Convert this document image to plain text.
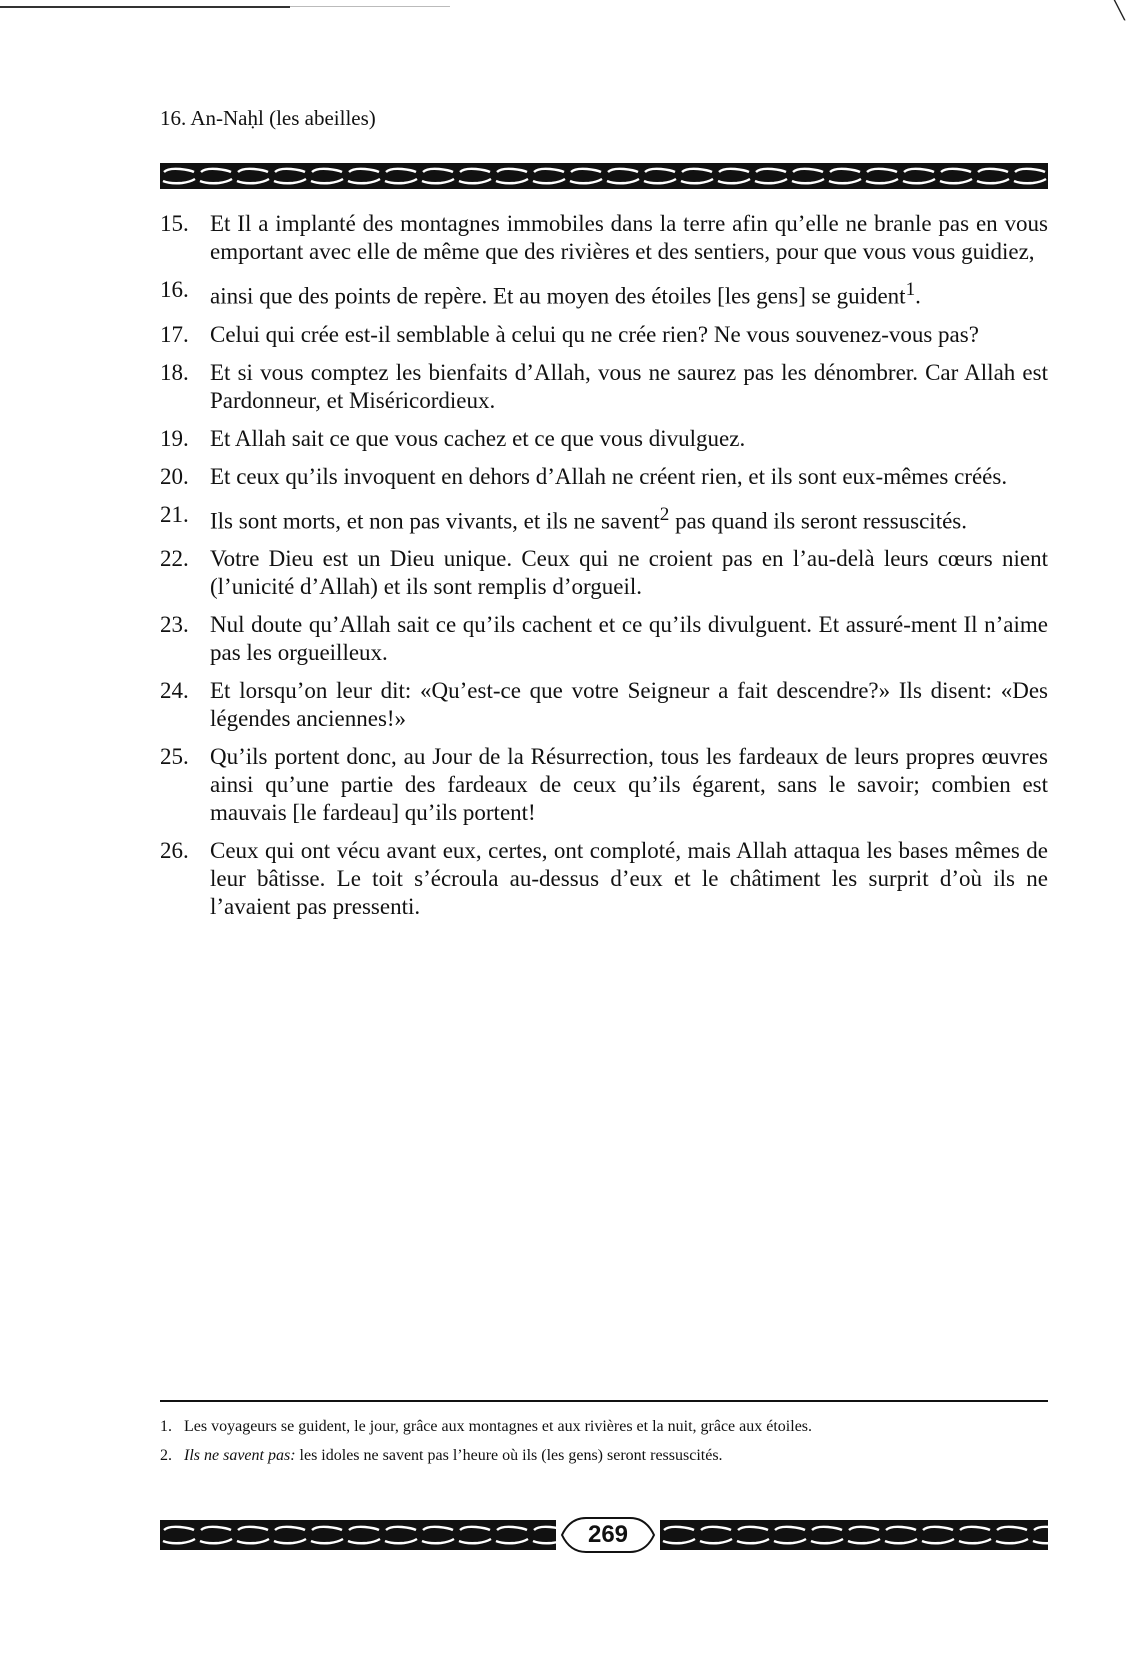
╲
16. An-Naḥl (les abeilles)
15. Et Il a implanté des montagnes immobiles dans la terre afin qu’elle ne branle pas en vous emportant avec elle de même que des rivières et des sentiers, pour que vous vous guidiez,
16. ainsi que des points de repère. Et au moyen des étoiles [les gens] se guident$^1$.
17. Celui qui crée est-il semblable à celui qu ne crée rien? Ne vous souvenez-vous pas?
18. Et si vous comptez les bienfaits d’Allah, vous ne saurez pas les dénombrer. Car Allah est Pardonneur, et Miséricordieux.
19. Et Allah sait ce que vous cachez et ce que vous divulguez.
20. Et ceux qu’ils invoquent en dehors d’Allah ne créent rien, et ils sont eux-mêmes créés.
21. Ils sont morts, et non pas vivants, et ils ne savent$^2$ pas quand ils seront ressuscités.
22. Votre Dieu est un Dieu unique. Ceux qui ne croient pas en l’au-delà leurs cœurs nient (l’unicité d’Allah) et ils sont remplis d’orgueil.
23. Nul doute qu’Allah sait ce qu’ils cachent et ce qu’ils divulguent. Et assuré-ment Il n’aime pas les orgueilleux.
24. Et lorsqu’on leur dit: «Qu’est-ce que votre Seigneur a fait descendre?» Ils disent: «Des légendes anciennes!»
25. Qu’ils portent donc, au Jour de la Résurrection, tous les fardeaux de leurs propres œuvres ainsi qu’une partie des fardeaux de ceux qu’ils égarent, sans le savoir; combien est mauvais [le fardeau] qu’ils portent!
26. Ceux qui ont vécu avant eux, certes, ont comploté, mais Allah attaqua les bases mêmes de leur bâtisse. Le toit s’écroula au-dessus d’eux et le châtiment les surprit d’où ils ne l’avaient pas pressenti.
1. Les voyageurs se guident, le jour, grâce aux montagnes et aux rivières et la nuit, grâce aux étoiles.
2. Ils ne savent pas: les idoles ne savent pas l’heure où ils (les gens) seront ressuscités.
269
